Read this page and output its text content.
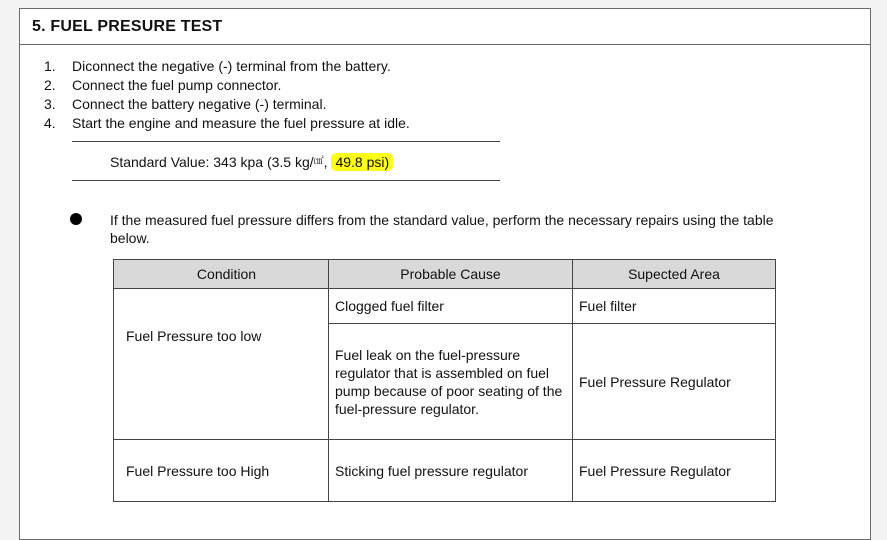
5. FUEL PRESURE TEST
1.	Diconnect the negative (-) terminal from the battery.
2.	Connect the fuel pump connector.
3.	Connect the battery negative (-) terminal.
4.	Start the engine and measure the fuel pressure at idle.
Standard Value: 343 kpa (3.5 kg/㎠, 49.8 psi)
If the measured fuel pressure differs from the standard value, perform the necessary repairs using the table below.
Condition	Probable Cause	Supected Area
Fuel Pressure too low	Clogged fuel filter	Fuel filter
	Fuel leak on the fuel-pressure regulator that is assembled on fuel pump because of poor seating of the fuel-pressure regulator.	Fuel Pressure Regulator
Fuel Pressure too High	Sticking fuel pressure regulator	Fuel Pressure Regulator
